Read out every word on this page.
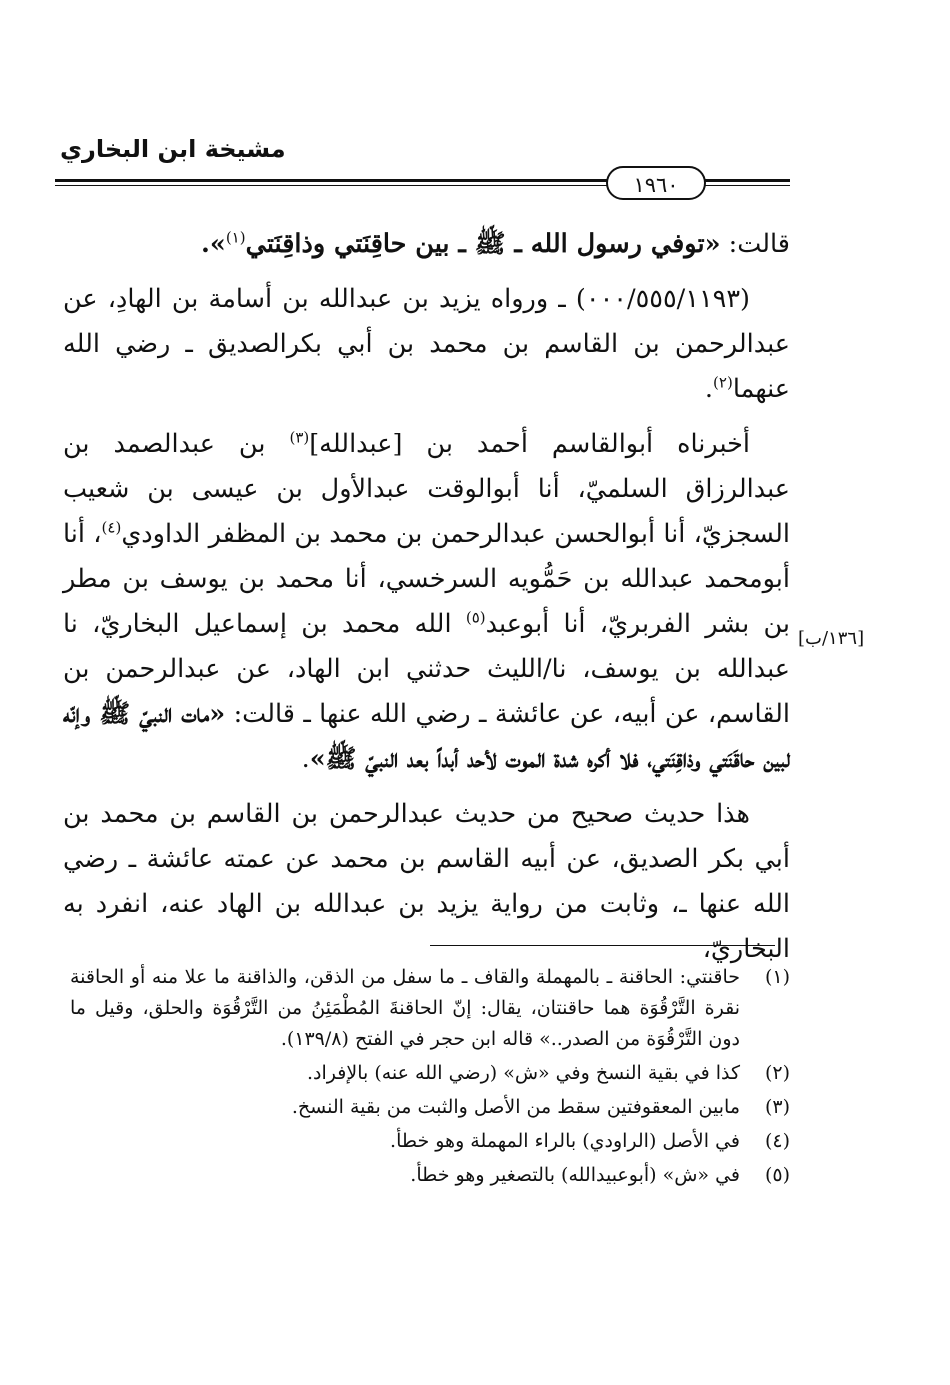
مشيخة ابن البخاري
١٩٦٠
[١٣٦/ب]

قالت: «توفي رسول الله ـ ﷺ ـ بين حاقِنَتي وذاقِنَتي$^{(١)}$».

(٠٠٠/٥٥٥/١١٩٣) ـ ورواه يزيد بن عبدالله بن أسامة بن الهادِ، عن عبدالرحمن بن القاسم بن محمد بن أبي بكرالصديق ـ رضي الله عنهما$^{(٢)}$.

أخبرناه أبوالقاسم أحمد بن [عبدالله]$^{(٣)}$ بن عبدالصمد بن عبدالرزاق السلميّ، أنا أبوالوقت عبدالأول بن عيسى بن شعيب السجزيّ، أنا أبوالحسن عبدالرحمن بن محمد بن المظفر الداودي$^{(٤)}$، أنا أبومحمد عبدالله بن حَمُّويه السرخسي، أنا محمد بن يوسف بن مطر بن بشر الفربريّ، أنا أبوعبد$^{(٥)}$ الله محمد بن إسماعيل البخاريّ، نا عبدالله بن يوسف، نا/الليث حدثني ابن الهاد، عن عبدالرحمن بن القاسم، عن أبيه، عن عائشة ـ رضي الله عنها ـ قالت: «مات النبيّ ﷺ وإنّه لبين حاقَنَتي وذاقِنَتي، فلا أكره شدة الموت لأحد أبداً بعد النبيّ ﷺ».

هذا حديث صحيح من حديث عبدالرحمن بن القاسم بن محمد بن أبي بكر الصديق، عن أبيه القاسم بن محمد عن عمته عائشة ـ رضي الله عنها ـ، وثابت من رواية يزيد بن عبدالله بن الهاد عنه، انفرد به البخاريّ،

(١)
حاقنتي: الحاقنة ـ بالمهملة والقاف ـ ما سفل من الذقن، والذاقنة ما علا منه أو الحاقنة نقرة التَّرْقُوَة هما حاقنتان، يقال: إنّ الحاقنةَ المُطْمَئِنُ من التَّرْقُوَة والحلق، وقيل ما دون التَّرْقُوَة من الصدر..» قاله ابن حجر في الفتح (١٣٩/٨).
(٢)
كذا في بقية النسخ وفي «ش» (رضي الله عنه) بالإفراد.
(٣)
مابين المعقوفتين سقط من الأصل والثبت من بقية النسخ.
(٤)
في الأصل (الراودي) بالراء المهملة وهو خطأ.
(٥)
في «ش» (أبوعبيدالله) بالتصغير وهو خطأ.
